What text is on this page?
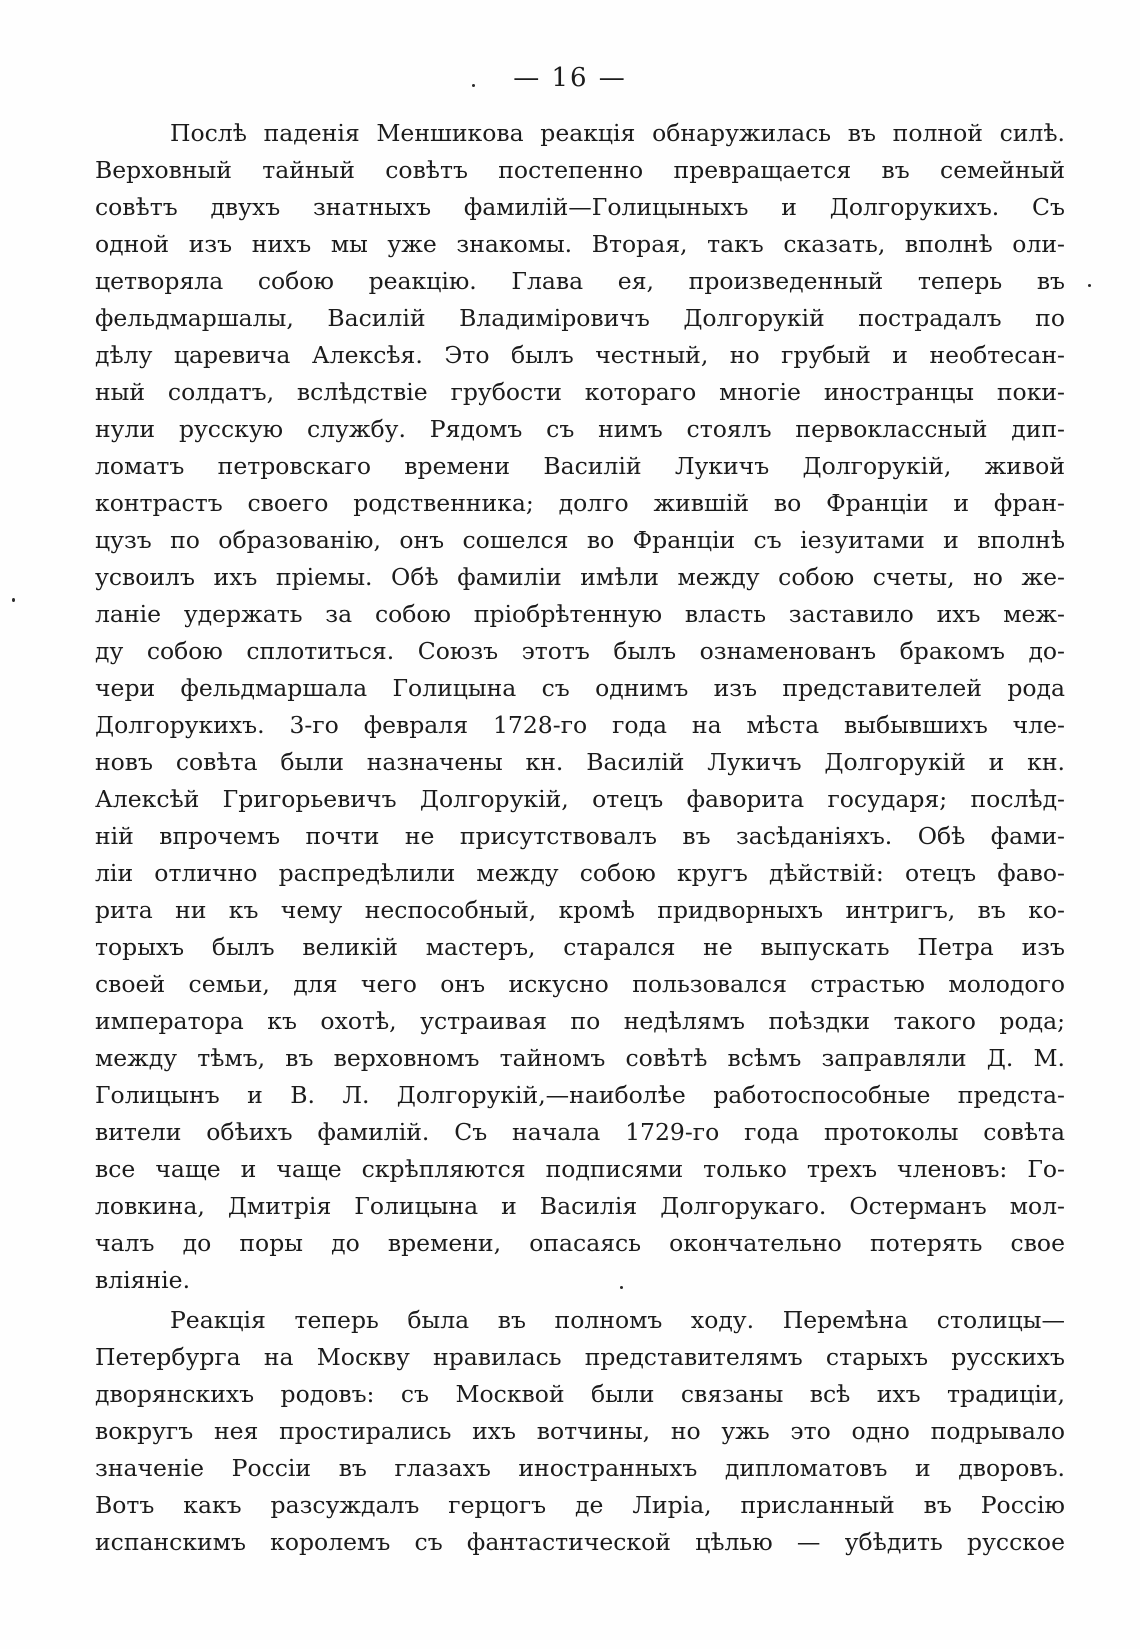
— 16 —
Послѣ паденія Меншикова реакція обнаружилась въ полной силѣ.
Верховный тайный совѣтъ постепенно превращается въ семейный
совѣтъ двухъ знатныхъ фамилій—Голицыныхъ и Долгорукихъ. Съ
одной изъ нихъ мы уже знакомы. Вторая, такъ сказать, вполнѣ оли-
цетворяла собою реакцію. Глава ея, произведенный теперь въ
фельдмаршалы, Василій Владиміровичъ Долгорукій пострадалъ по
дѣлу царевича Алексѣя. Это былъ честный, но грубый и необтесан-
ный солдатъ, вслѣдствіе грубости котораго многіе иностранцы поки-
нули русскую службу. Рядомъ съ нимъ стоялъ первоклассный дип-
ломатъ петровскаго времени Василій Лукичъ Долгорукій, живой
контрастъ своего родственника; долго жившій во Франціи и фран-
цузъ по образованію, онъ сошелся во Франціи съ іезуитами и вполнѣ
усвоилъ ихъ пріемы. Обѣ фамиліи имѣли между собою счеты, но же-
ланіе удержать за собою пріобрѣтенную власть заставило ихъ меж-
ду собою сплотиться. Союзъ этотъ былъ ознаменованъ бракомъ до-
чери фельдмаршала Голицына съ однимъ изъ представителей рода
Долгорукихъ. 3-го февраля 1728-го года на мѣста выбывшихъ чле-
новъ совѣта были назначены кн. Василій Лукичъ Долгорукій и кн.
Алексѣй Григорьевичъ Долгорукій, отецъ фаворита государя; послѣд-
ній впрочемъ почти не присутствовалъ въ засѣданіяхъ. Обѣ фами-
ліи отлично распредѣлили между собою кругъ дѣйствій: отецъ фаво-
рита ни къ чему неспособный, кромѣ придворныхъ интригъ, въ ко-
торыхъ былъ великій мастеръ, старался не выпускать Петра изъ
своей семьи, для чего онъ искусно пользовался страстью молодого
императора къ охотѣ, устраивая по недѣлямъ поѣздки такого рода;
между тѣмъ, въ верховномъ тайномъ совѣтѣ всѣмъ заправляли Д. М.
Голицынъ и В. Л. Долгорукій,—наиболѣе работоспособные предста-
вители обѣихъ фамилій. Съ начала 1729-го года протоколы совѣта
все чаще и чаще скрѣпляются подписями только трехъ членовъ: Го-
ловкина, Дмитрія Голицына и Василія Долгорукаго. Остерманъ мол-
чалъ до поры до времени, опасаясь окончательно потерять свое
вліяніе.
Реакція теперь была въ полномъ ходу. Перемѣна столицы—
Петербурга на Москву нравилась представителямъ старыхъ русскихъ
дворянскихъ родовъ: съ Москвой были связаны всѣ ихъ традиціи,
вокругъ нея простирались ихъ вотчины, но ужь это одно подрывало
значеніе Россіи въ глазахъ иностранныхъ дипломатовъ и дворовъ.
Вотъ какъ разсуждалъ герцогъ де Лиріа, присланный въ Россію
испанскимъ королемъ съ фантастической цѣлью — убѣдить русское
